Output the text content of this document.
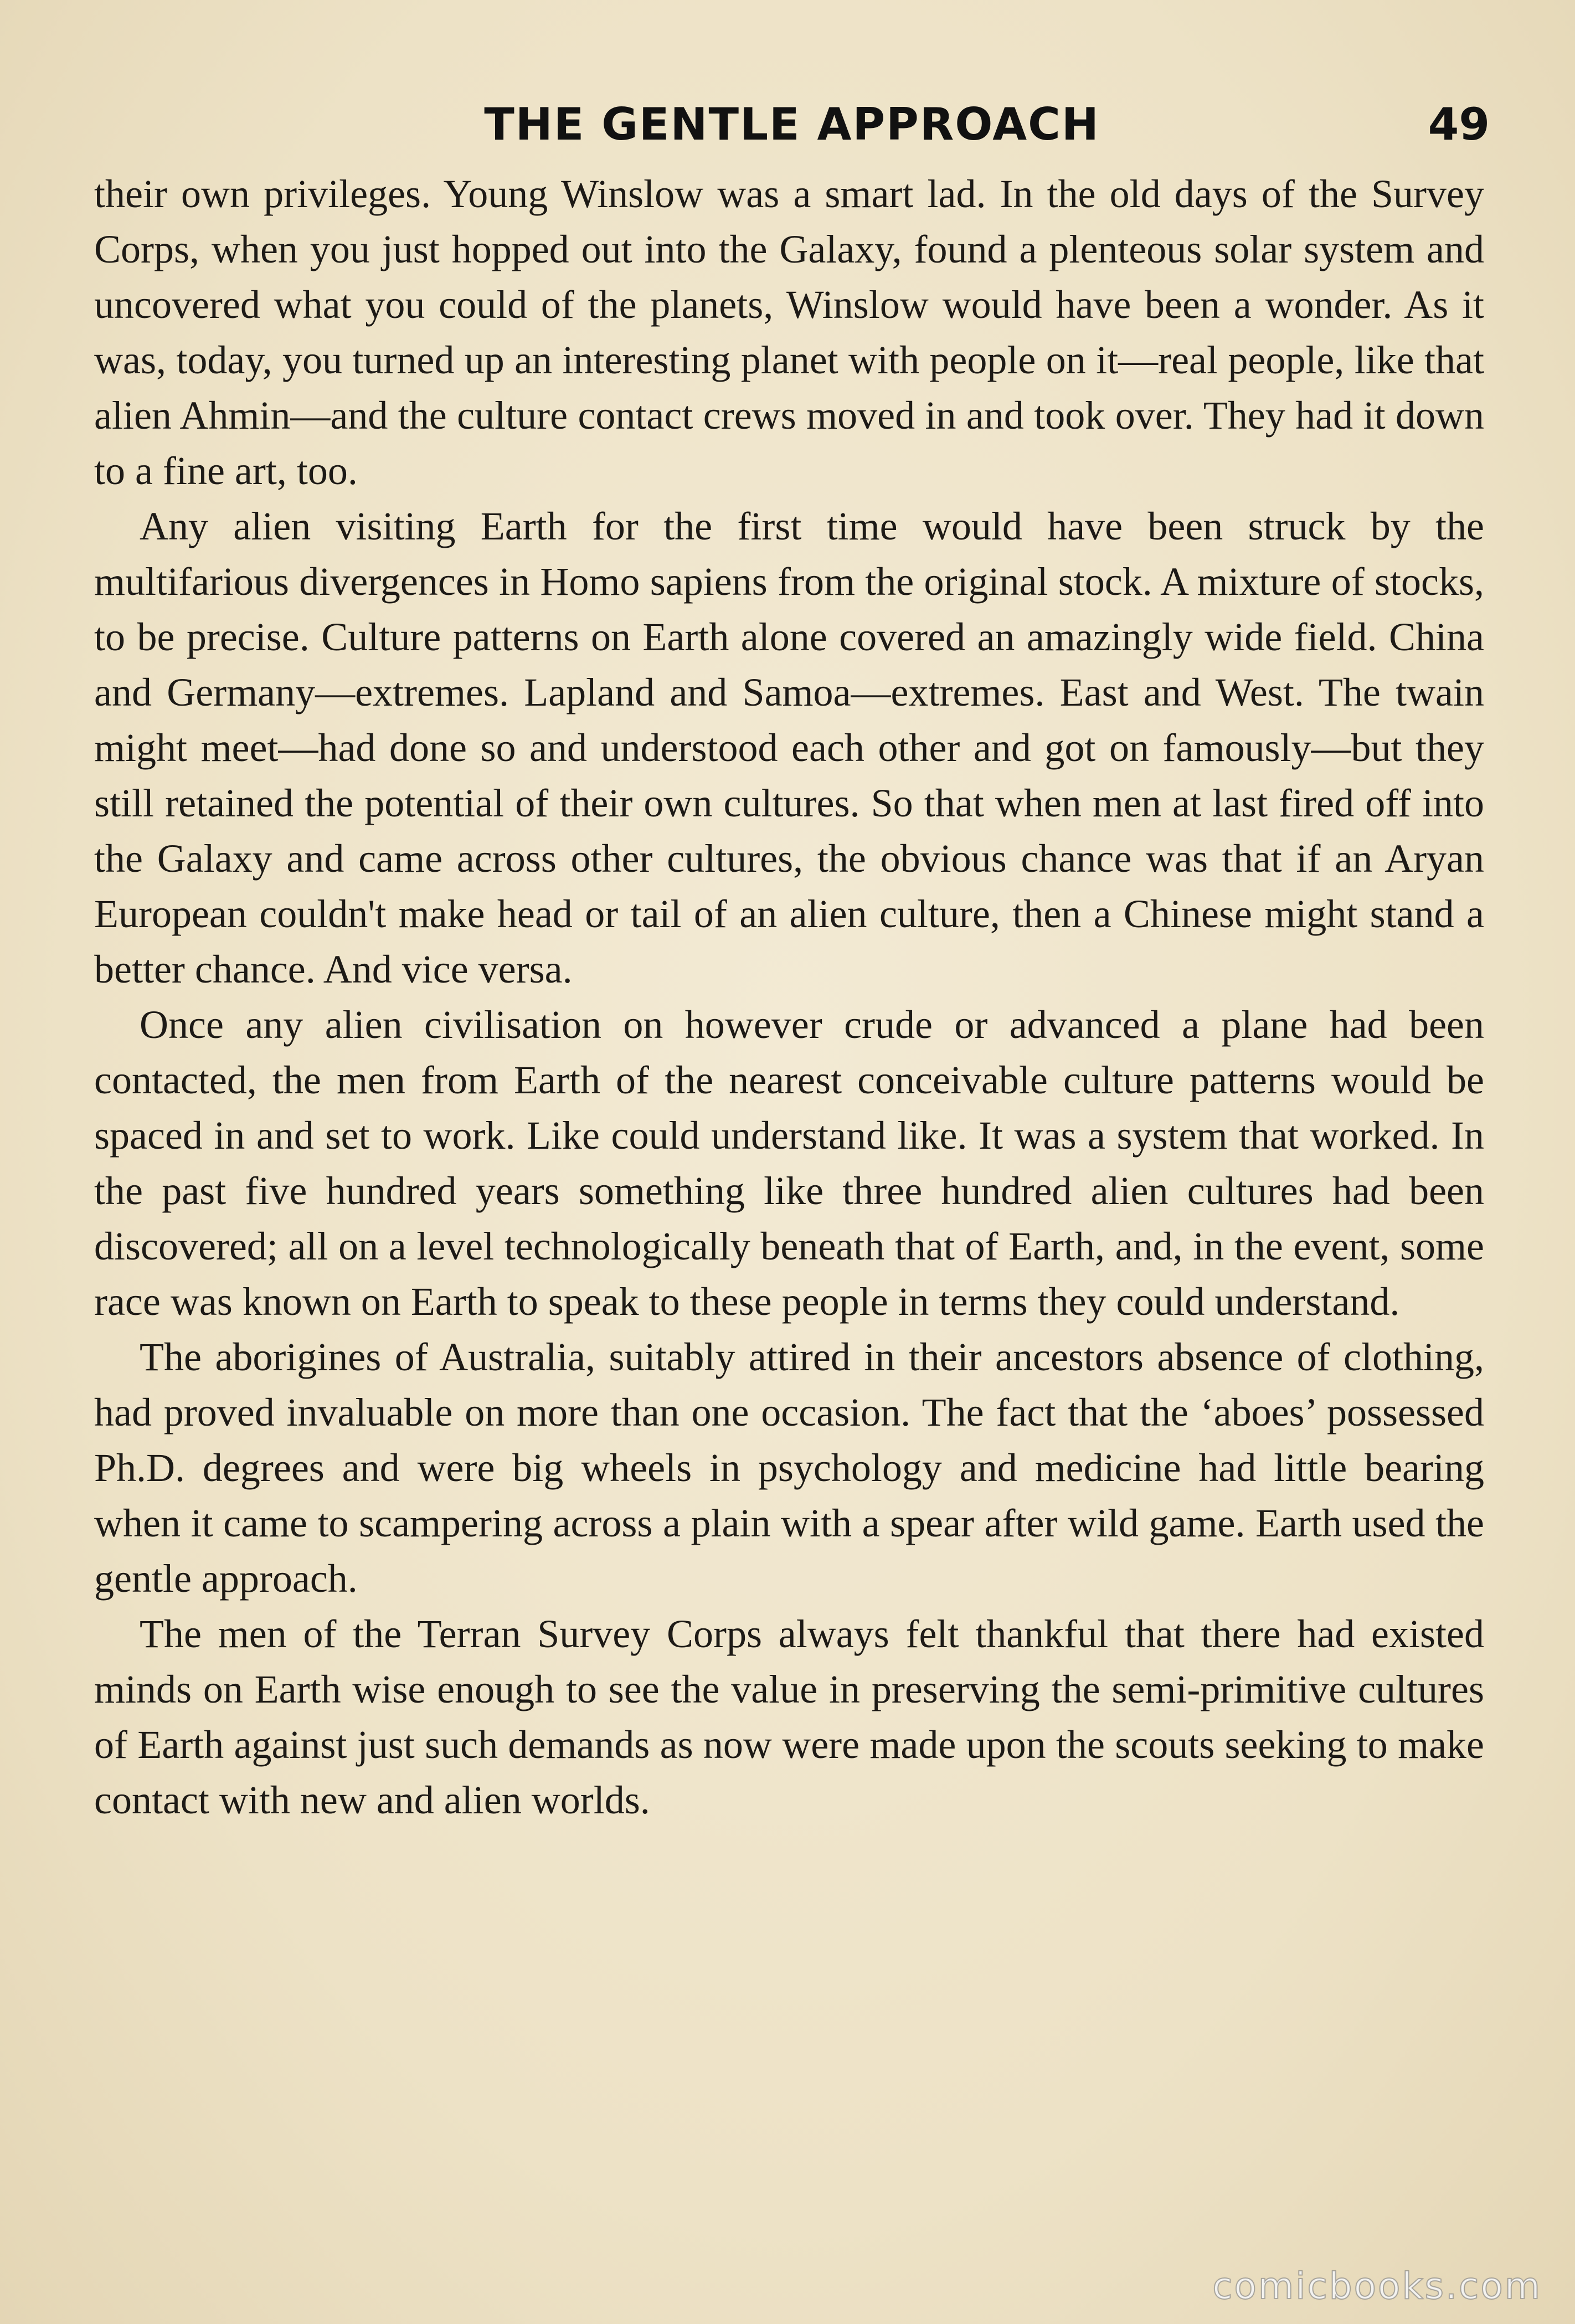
THE GENTLE APPROACH	49

their own privileges. Young Winslow was a smart lad. In the old days of the Survey Corps, when you just hopped out into the Galaxy, found a plenteous solar system and uncovered what you could of the planets, Winslow would have been a wonder. As it was, today, you turned up an interesting planet with people on it—real people, like that alien Ahmin—and the culture contact crews moved in and took over. They had it down to a fine art, too.

Any alien visiting Earth for the first time would have been struck by the multifarious divergences in Homo sapiens from the original stock. A mixture of stocks, to be precise. Culture patterns on Earth alone covered an amazingly wide field. China and Germany—extremes. Lapland and Samoa—extremes. East and West. The twain might meet—had done so and understood each other and got on famously—but they still retained the potential of their own cultures. So that when men at last fired off into the Galaxy and came across other cultures, the obvious chance was that if an Aryan European couldn't make head or tail of an alien culture, then a Chinese might stand a better chance. And vice versa.

Once any alien civilisation on however crude or advanced a plane had been contacted, the men from Earth of the nearest conceivable culture patterns would be spaced in and set to work. Like could understand like. It was a system that worked. In the past five hundred years something like three hundred alien cultures had been discovered; all on a level technologically beneath that of Earth, and, in the event, some race was known on Earth to speak to these people in terms they could understand.

The aborigines of Australia, suitably attired in their ancestors absence of clothing, had proved invaluable on more than one occasion. The fact that the ‘aboes’ possessed Ph.D. degrees and were big wheels in psychology and medicine had little bearing when it came to scampering across a plain with a spear after wild game. Earth used the gentle approach.

The men of the Terran Survey Corps always felt thankful that there had existed minds on Earth wise enough to see the value in preserving the semi-primitive cultures of Earth against just such demands as now were made upon the scouts seeking to make contact with new and alien worlds.

comicbooks.com
